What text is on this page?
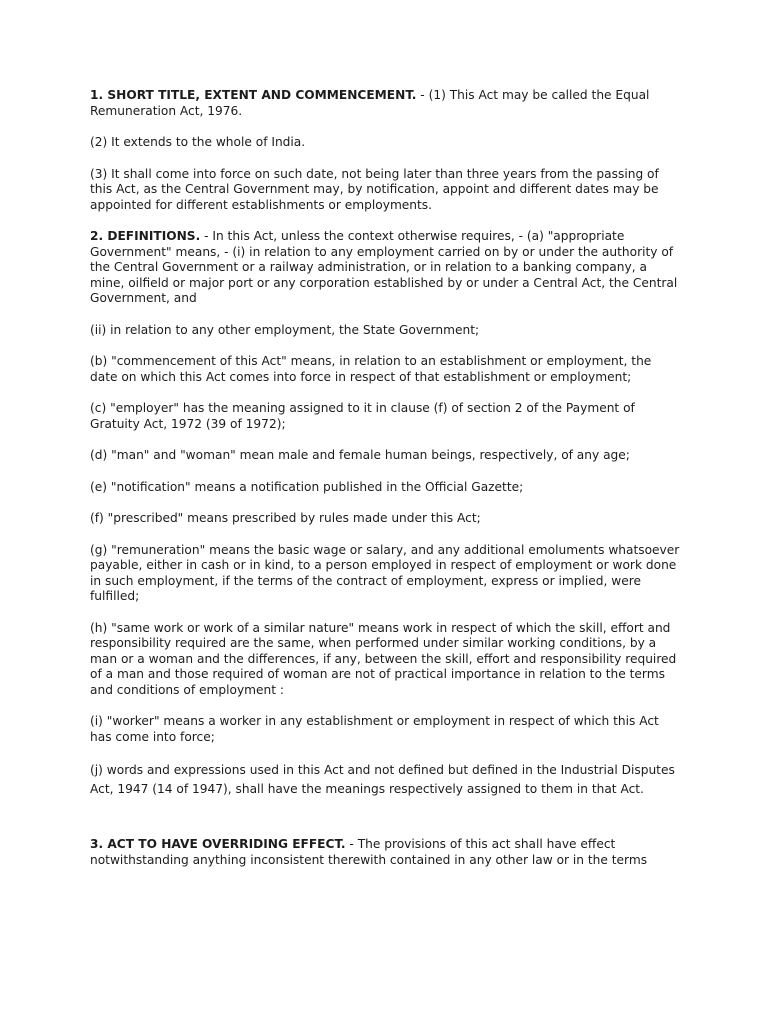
1. SHORT TITLE, EXTENT AND COMMENCEMENT. - (1) This Act may be called the Equal Remuneration Act, 1976.

(2) It extends to the whole of India.

(3) It shall come into force on such date, not being later than three years from the passing of this Act, as the Central Government may, by notification, appoint and different dates may be appointed for different establishments or employments.

2. DEFINITIONS. - In this Act, unless the context otherwise requires, - (a) "appropriate Government" means, - (i) in relation to any employment carried on by or under the authority of the Central Government or a railway administration, or in relation to a banking company, a mine, oilfield or major port or any corporation established by or under a Central Act, the Central Government, and

(ii) in relation to any other employment, the State Government;

(b) "commencement of this Act" means, in relation to an establishment or employment, the date on which this Act comes into force in respect of that establishment or employment;

(c) "employer" has the meaning assigned to it in clause (f) of section 2 of the Payment of Gratuity Act, 1972 (39 of 1972);

(d) "man" and "woman" mean male and female human beings, respectively, of any age;

(e) "notification" means a notification published in the Official Gazette;

(f) "prescribed" means prescribed by rules made under this Act;

(g) "remuneration" means the basic wage or salary, and any additional emoluments whatsoever payable, either in cash or in kind, to a person employed in respect of employment or work done in such employment, if the terms of the contract of employment, express or implied, were fulfilled;

(h) "same work or work of a similar nature" means work in respect of which the skill, effort and responsibility required are the same, when performed under similar working conditions, by a man or a woman and the differences, if any, between the skill, effort and responsibility required of a man and those required of woman are not of practical importance in relation to the terms and conditions of employment :

(i) "worker" means a worker in any establishment or employment in respect of which this Act has come into force;

(j) words and expressions used in this Act and not defined but defined in the Industrial Disputes Act, 1947 (14 of 1947), shall have the meanings respectively assigned to them in that Act.

3. ACT TO HAVE OVERRIDING EFFECT. - The provisions of this act shall have effect notwithstanding anything inconsistent therewith contained in any other law or in the terms
